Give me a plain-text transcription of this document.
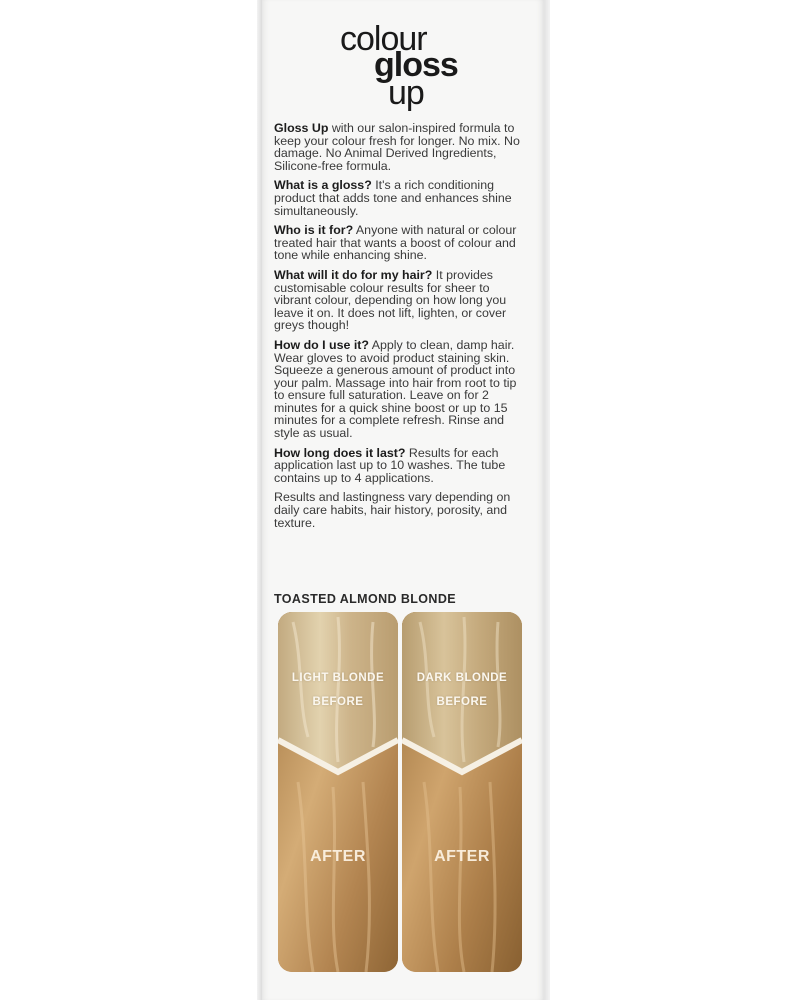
colour
gloss
up

Gloss Up with our salon-inspired formula to keep your colour fresh for longer. No mix. No damage. No Animal Derived Ingredients, Silicone-free formula.

What is a gloss? It's a rich conditioning product that adds tone and enhances shine simultaneously.

Who is it for? Anyone with natural or colour treated hair that wants a boost of colour and tone while enhancing shine.

What will it do for my hair? It provides customisable colour results for sheer to vibrant colour, depending on how long you leave it on. It does not lift, lighten, or cover greys though!

How do I use it? Apply to clean, damp hair. Wear gloves to avoid product staining skin. Squeeze a generous amount of product into your palm. Massage into hair from root to tip to ensure full saturation. Leave on for 2 minutes for a quick shine boost or up to 15 minutes for a complete refresh. Rinse and style as usual.

How long does it last? Results for each application last up to 10 washes. The tube contains up to 4 applications.

Results and lastingness vary depending on daily care habits, hair history, porosity, and texture.

TOASTED ALMOND BLONDE
LIGHT BLONDE
BEFORE
AFTER
DARK BLONDE
BEFORE
AFTER
